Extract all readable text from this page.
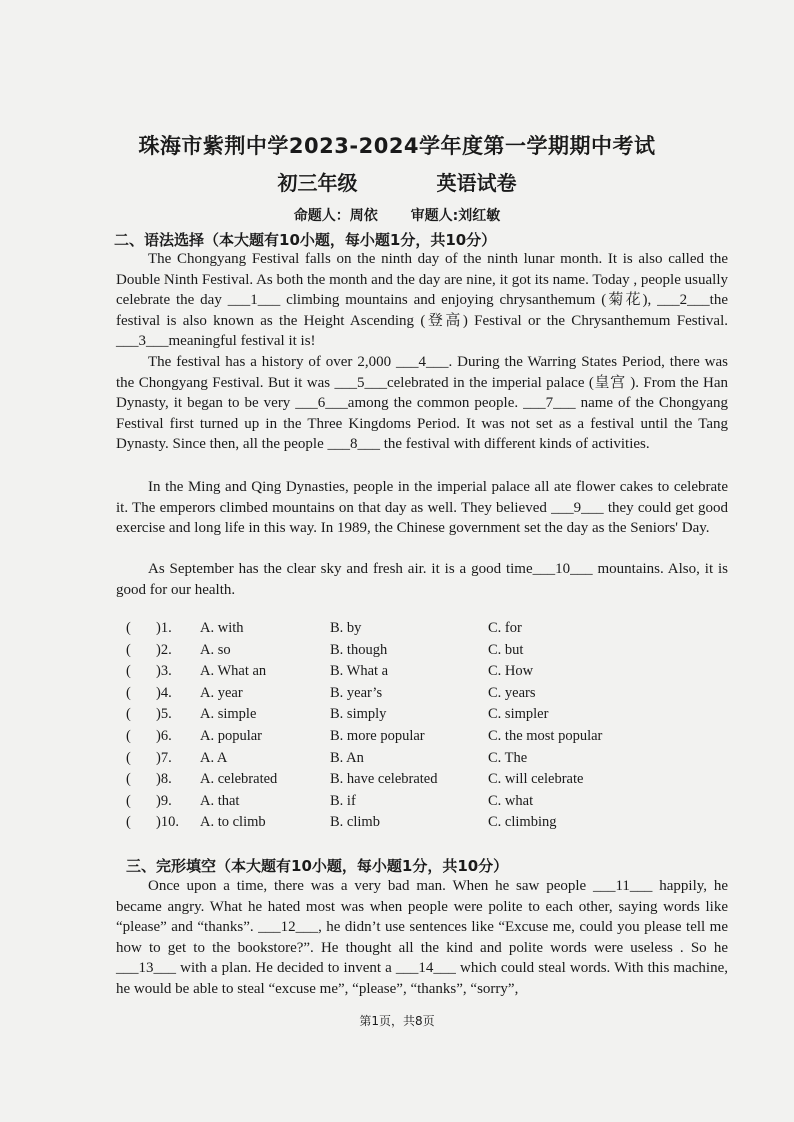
珠海市紫荆中学2023-2024学年度第一学期期中考试
初三年级	英语试卷
命题人：周依 审题人:刘红敏
二、语法选择（本大题有10小题，每小题1分，共10分）

The Chongyang Festival falls on the ninth day of the ninth lunar month. It is also called the Double Ninth Festival. As both the month and the day are nine, it got its name. Today , people usually celebrate the day ___1___ climbing mountains and enjoying chrysanthemum (菊花), ___2___the festival is also known as the Height Ascending (登高) Festival or the Chrysanthemum Festival. ___3___meaningful festival it is!

The festival has a history of over 2,000 ___4___. During the Warring States Period, there was the Chongyang Festival. But it was ___5___celebrated in the imperial palace (皇宫 ). From the Han Dynasty, it began to be very ___6___among the common people. ___7___ name of the Chongyang Festival first turned up in the Three Kingdoms Period. It was not set as a festival until the Tang Dynasty. Since then, all the people ___8___ the festival with different kinds of activities.

In the Ming and Qing Dynasties, people in the imperial palace all ate flower cakes to celebrate it. The emperors climbed mountains on that day as well. They believed ___9___ they could get good exercise and long life in this way. In 1989, the Chinese government set the day as the Seniors' Day.

As September has the clear sky and fresh air. it is a good time___10___ mountains. Also, it is good for our health.

( )1. A. with	B. by	C. for
( )2. A. so	B. though	C. but
( )3. A. What an	B. What a	C. How
( )4. A. year	B. year’s	C. years
( )5. A. simple	B. simply	C. simpler
( )6. A. popular	B. more popular	C. the most popular
( )7. A. A	B. An	C. The
( )8. A. celebrated	B. have celebrated	C. will celebrate
( )9. A. that	B. if	C. what
( )10. A. to climb	B. climb	C. climbing
三、完形填空（本大题有10小题，每小题1分，共10分）

Once upon a time, there was a very bad man. When he saw people ___11___ happily, he became angry. What he hated most was when people were polite to each other, saying words like “please” and “thanks”. ___12___, he didn’t use sentences like “Excuse me, could you please tell me how to get to the bookstore?”. He thought all the kind and polite words were useless . So he ___13___ with a plan. He decided to invent a ___14___ which could steal words. With this machine, he would be able to steal “excuse me”, “please”, “thanks”, “sorry”,

第1页，共8页
